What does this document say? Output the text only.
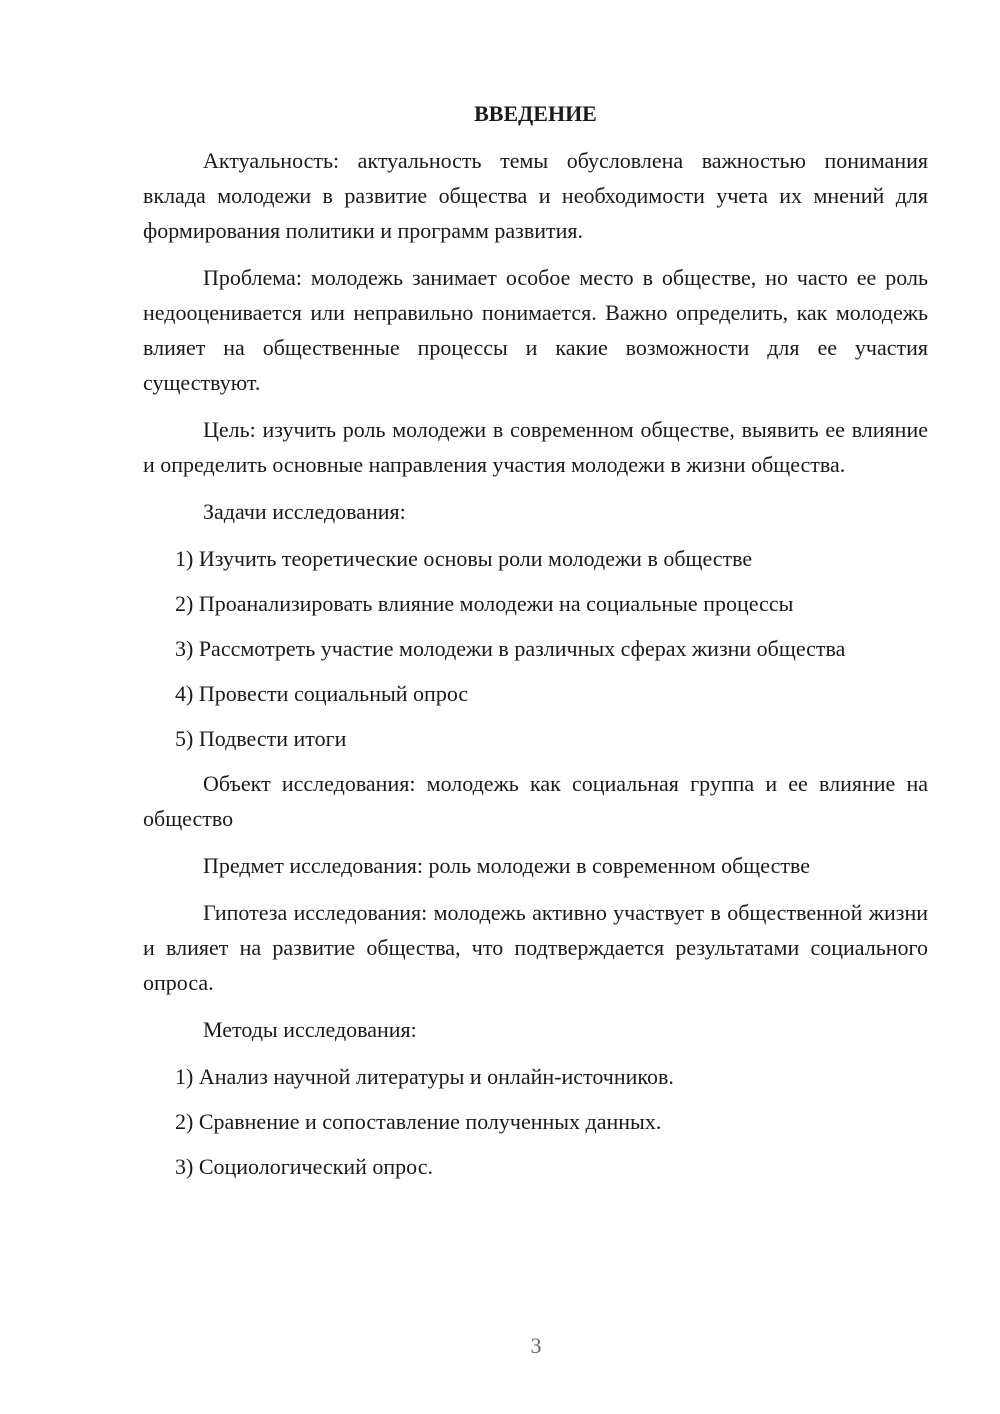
ВВЕДЕНИЕ
Актуальность: актуальность темы обусловлена важностью понимания вклада молодежи в развитие общества и необходимости учета их мнений для формирования политики и программ развития.
Проблема: молодежь занимает особое место в обществе, но часто ее роль недооценивается или неправильно понимается. Важно определить, как молодежь влияет на общественные процессы и какие возможности для ее участия существуют.
Цель: изучить роль молодежи в современном обществе, выявить ее влияние и определить основные направления участия молодежи в жизни общества.
Задачи исследования:
1) Изучить теоретические основы роли молодежи в обществе
2) Проанализировать влияние молодежи на социальные процессы
3) Рассмотреть участие молодежи в различных сферах жизни общества
4) Провести социальный опрос
5) Подвести итоги
Объект исследования: молодежь как социальная группа и ее влияние на общество
Предмет исследования: роль молодежи в современном обществе
Гипотеза исследования: молодежь активно участвует в общественной жизни и влияет на развитие общества, что подтверждается результатами социального опроса.
Методы исследования:
1) Анализ научной литературы и онлайн-источников.
2) Сравнение и сопоставление полученных данных.
3) Социологический опрос.
3
